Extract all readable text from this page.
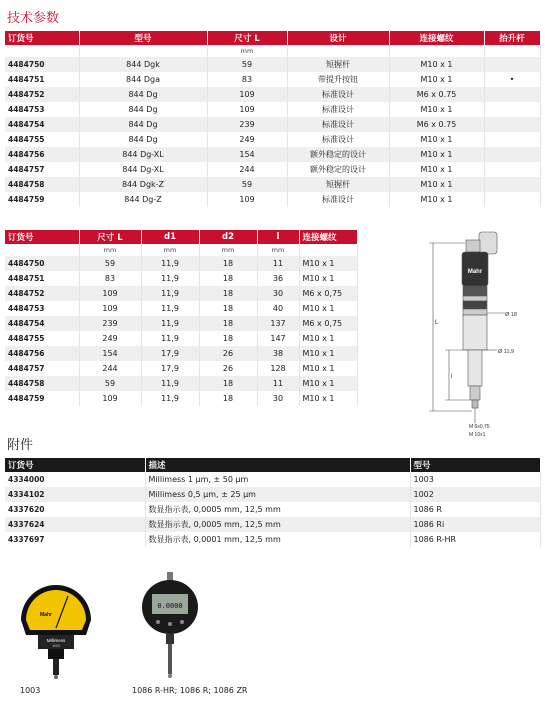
技术参数
订货号	型号	尺寸 L	设计	连接螺纹	抬升杆
		mm			
4484750	844 Dgk	59	短握杆	M10 x 1	
4484751	844 Dga	83	带提升按钮	M10 x 1	•
4484752	844 Dg	109	标准设计	M6 x 0.75	
4484753	844 Dg	109	标准设计	M10 x 1	
4484754	844 Dg	239	标准设计	M6 x 0.75	
4484755	844 Dg	249	标准设计	M10 x 1	
4484756	844 Dg-XL	154	额外稳定的设计	M10 x 1	
4484757	844 Dg-XL	244	额外稳定的设计	M10 x 1	
4484758	844 Dgk-Z	59	短握杆	M10 x 1	
4484759	844 Dg-Z	109	标准设计	M10 x 1	
订货号	尺寸 L	d1	d2	l	连接螺纹
	mm	mm	mm	mm	
4484750	59	11,9	18	11	M10 x 1
4484751	83	11,9	18	36	M10 x 1
4484752	109	11,9	18	30	M6 x 0,75
4484753	109	11,9	18	40	M10 x 1
4484754	239	11,9	18	137	M6 x 0,75
4484755	249	11,9	18	147	M10 x 1
4484756	154	17,9	26	38	M10 x 1
4484757	244	17,9	26	128	M10 x 1
4484758	59	11,9	18	11	M10 x 1
4484759	109	11,9	18	30	M10 x 1
Mahr
L
l
Ø 18
Ø 11,9
M 6x0,75
M 10x1
附件
订货号	描述	型号
4334000	Millimess 1 μm, ± 50 μm	1003
4334102	Millimess 0,5 μm, ± 25 μm	1002
4337620	数显指示表, 0,0005 mm, 12,5 mm	1086 R
4337624	数显指示表, 0,0005 mm, 12,5 mm	1086 Ri
4337697	数显指示表, 0,0001 mm, 12,5 mm	1086 R-HR
Mahr
Millimess
1003
0.0000
1003	1086 R-HR; 1086 R; 1086 ZR
